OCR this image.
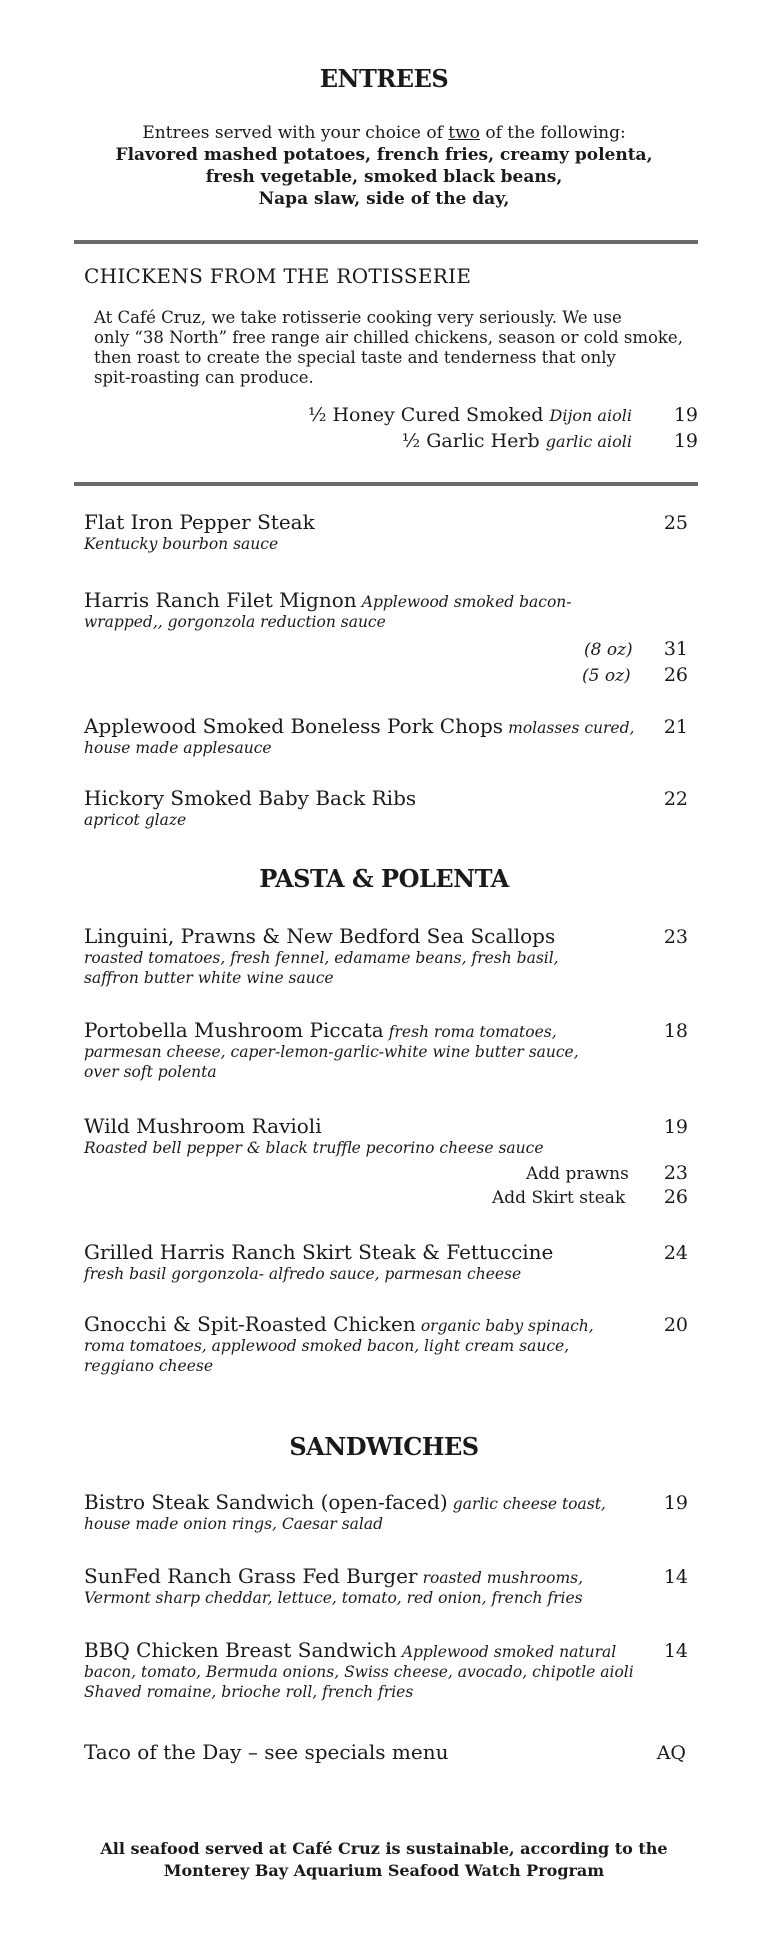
ENTREES
Entrees served with your choice of two of the following:
Flavored mashed potatoes, french fries, creamy polenta,
fresh vegetable, smoked black beans,
Napa slaw, side of the day,
CHICKENS FROM THE ROTISSERIE
At Café Cruz, we take rotisserie cooking very seriously. We use
only “38 North” free range air chilled chickens, season or cold smoke,
then roast to create the special taste and tenderness that only
spit-roasting can produce.
½ Honey Cured Smoked Dijon aioli 19
½ Garlic Herb garlic aioli 19
Flat Iron Pepper Steak
Kentucky bourbon sauce
25
Harris Ranch Filet Mignon Applewood smoked bacon-
wrapped,, gorgonzola reduction sauce
(8 oz) 31
(5 oz) 26
Applewood Smoked Boneless Pork Chops molasses cured,
house made applesauce
21
Hickory Smoked Baby Back Ribs
apricot glaze
22
PASTA & POLENTA
Linguini, Prawns & New Bedford Sea Scallops
roasted tomatoes, fresh fennel, edamame beans, fresh basil,
saffron butter white wine sauce
23
Portobella Mushroom Piccata fresh roma tomatoes,
parmesan cheese, caper-lemon-garlic-white wine butter sauce,
over soft polenta
18
Wild Mushroom Ravioli
Roasted bell pepper & black truffle pecorino cheese sauce
19
Add prawns 23
Add Skirt steak 26
Grilled Harris Ranch Skirt Steak & Fettuccine
fresh basil gorgonzola- alfredo sauce, parmesan cheese
24
Gnocchi & Spit-Roasted Chicken organic baby spinach,
roma tomatoes, applewood smoked bacon, light cream sauce,
reggiano cheese
20
SANDWICHES
Bistro Steak Sandwich (open-faced) garlic cheese toast,
house made onion rings, Caesar salad
19
SunFed Ranch Grass Fed Burger roasted mushrooms,
Vermont sharp cheddar, lettuce, tomato, red onion, french fries
14
BBQ Chicken Breast Sandwich Applewood smoked natural
bacon, tomato, Bermuda onions, Swiss cheese, avocado, chipotle aioli
Shaved romaine, brioche roll, french fries
14
Taco of the Day – see specials menu	AQ
All seafood served at Café Cruz is sustainable, according to the
Monterey Bay Aquarium Seafood Watch Program
